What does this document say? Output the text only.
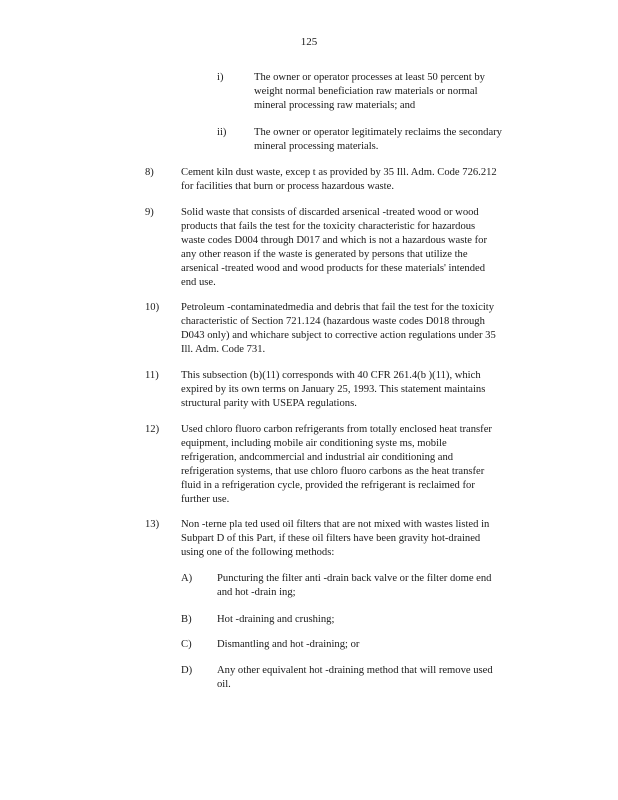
125
i)	The owner or operator processes at least 50 percent by
weight normal beneficiation raw materials or normal
mineral processing raw materials; and
ii)	The owner or operator legitimately reclaims the secondary
mineral processing materials.
8)	Cement kiln dust waste, excep t as provided by 35 Ill. Adm. Code 726.212
for facilities that burn or process hazardous waste.
9)	Solid waste that consists of discarded arsenical -treated wood or wood
products that fails the test for the toxicity characteristic for hazardous
waste codes D004 through D017 and which is not a hazardous waste for
any other reason if the waste is generated by persons that utilize the
arsenical -treated wood and wood products for these materials' intended
end use.
10) Petroleum -contaminatedmedia and debris that fail the test for the toxicity
characteristic of Section 721.124 (hazardous waste codes D018 through
D043 only) and whichare subject to corrective action regulations under 35
Ill. Adm. Code 731.
11) This subsection (b)(11) corresponds with 40 CFR 261.4(b )(11), which
expired by its own terms on January 25, 1993. This statement maintains
structural parity with USEPA regulations.
12) Used chloro fluoro carbon refrigerants from totally enclosed heat transfer
equipment, including mobile air conditioning syste ms, mobile
refrigeration, andcommercial and industrial air conditioning and
refrigeration systems, that use chloro fluoro carbons as the heat transfer
fluid in a refrigeration cycle, provided the refrigerant is reclaimed for
further use.
13) Non -terne pla ted used oil filters that are not mixed with wastes listed in
Subpart D of this Part, if these oil filters have been gravity hot-drained
using one of the following methods:
A) Puncturing the filter anti -drain back valve or the filter dome end
and hot -drain ing;
B) Hot -draining and crushing;
C) Dismantling and hot -draining; or
D) Any other equivalent hot -draining method that will remove used
oil.
